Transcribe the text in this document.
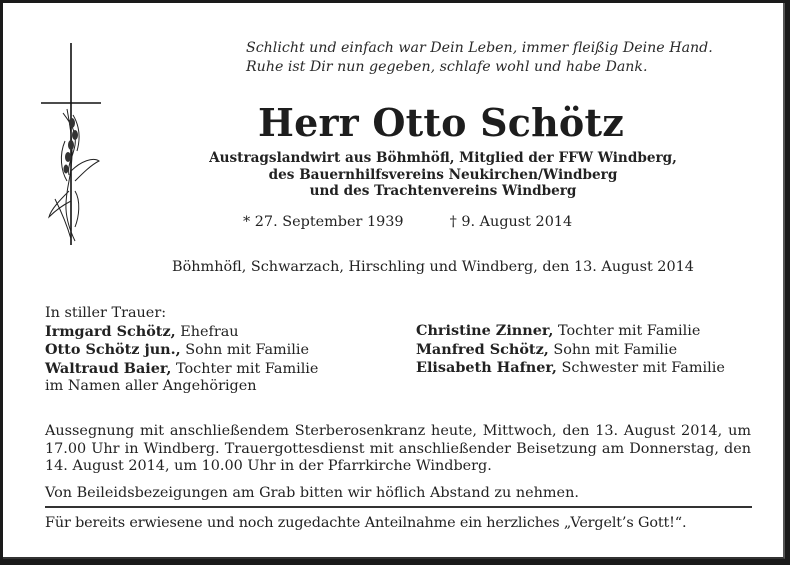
Schlicht und einfach war Dein Leben, immer fleißig Deine Hand.
Ruhe ist Dir nun gegeben, schlafe wohl und habe Dank.
Herr Otto Schötz
Austragslandwirt aus Böhmhöfl, Mitglied der FFW Windberg,
des Bauernhilfsvereins Neukirchen/Windberg
und des Trachtenvereins Windberg
* 27. September 1939	† 9. August 2014
Böhmhöfl, Schwarzach, Hirschling und Windberg, den 13. August 2014
In stiller Trauer:
Irmgard Schötz, Ehefrau
Otto Schötz jun., Sohn mit Familie
Waltraud Baier, Tochter mit Familie
im Namen aller Angehörigen
Christine Zinner, Tochter mit Familie
Manfred Schötz, Sohn mit Familie
Elisabeth Hafner, Schwester mit Familie

Aussegnung mit anschließendem Sterberosenkranz heute, Mittwoch, den 13. August 2014, um 17.00 Uhr in Windberg. Trauergottesdienst mit anschließender Beisetzung am Donnerstag, den 14. August 2014, um 10.00 Uhr in der Pfarrkirche Windberg.

Von Beileidsbezeigungen am Grab bitten wir höflich Abstand zu nehmen.
Für bereits erwiesene und noch zugedachte Anteilnahme ein herzliches „Vergelt’s Gott!“.
